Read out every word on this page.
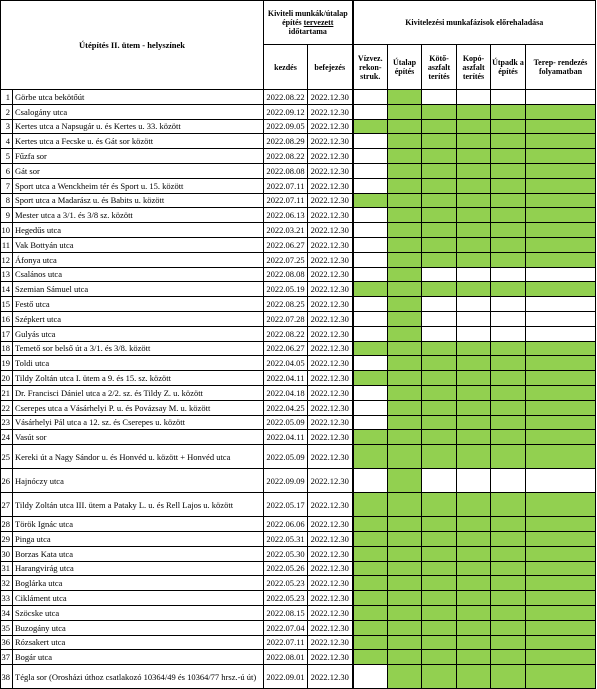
Útépítés II. ütem - helyszínek		Kiviteli munkák/útalap
építés tervezett
időtartama		Kivitelezési munkafázisok előrehaladása					
		kezdés	befejezés	Vízvez. rekon-struk.	Útalap építés	Kötő-aszfalt terítés	Kopó-aszfalt terítés	Útpadk a építés	Terep- rendezés folyamatban
1	Görbe utca bekötőút	2022.08.22	2022.12.30						
2	Csalogány utca	2022.09.12	2022.12.30						
3	Kertes utca a Napsugár u. és Kertes u. 33. között	2022.09.05	2022.12.30						
4	Kertes utca a Fecske u. és Gát sor között	2022.08.29	2022.12.30						
5	Fűzfa sor	2022.08.22	2022.12.30						
6	Gát sor	2022.08.08	2022.12.30						
7	Sport utca a Wenckheim tér és Sport u. 15. között	2022.07.11	2022.12.30						
8	Sport utca a Madarász u. és Babits u. között	2022.07.11	2022.12.30						
9	Mester utca a 3/1. és 3/8 sz. között	2022.06.13	2022.12.30						
10	Hegedűs utca	2022.03.21	2022.12.30						
11	Vak Bottyán utca	2022.06.27	2022.12.30						
12	Áfonya utca	2022.07.25	2022.12.30						
13	Csalános utca	2022.08.08	2022.12.30						
14	Szemian Sámuel utca	2022.05.19	2022.12.30						
15	Festő utca	2022.08.25	2022.12.30						
16	Szépkert utca	2022.07.28	2022.12.30						
17	Gulyás utca	2022.08.22	2022.12.30						
18	Temető sor belső út a 3/1. és 3/8. között	2022.06.27	2022.12.30						
19	Toldi utca	2022.04.05	2022.12.30						
20	Tildy Zoltán utca I. ütem a 9. és 15. sz. között	2022.04.11	2022.12.30						
21	Dr. Francisci Dániel utca a 2/2. sz. és Tildy Z. u. között	2022.04.18	2022.12.30						
22	Cserepes utca a Vásárhelyi P. u. és Povázsay M. u. között	2022.04.25	2022.12.30						
23	Vásárhelyi Pál utca a 12. sz. és Cserepes u. között	2022.05.09	2022.12.30						
24	Vasút sor	2022.04.11	2022.12.30						
25	Kereki út a Nagy Sándor u. és Honvéd u. között + Honvéd utca	2022.05.09	2022.12.30						
26	Hajnóczy utca	2022.09.09	2022.12.30						
27	Tildy Zoltán utca III. ütem a Pataky L. u. és Rell Lajos u. között	2022.05.17	2022.12.30						
28	Török Ignác utca	2022.06.06	2022.12.30						
29	Pinga utca	2022.05.31	2022.12.30						
30	Borzas Kata utca	2022.05.30	2022.12.30						
31	Harangvirág utca	2022.05.26	2022.12.30						
32	Boglárka utca	2022.05.23	2022.12.30						
33	Cikláment utca	2022.05.23	2022.12.30						
34	Szöcske utca	2022.08.15	2022.12.30						
35	Buzogány utca	2022.07.04	2022.12.30						
36	Rózsakert utca	2022.07.11	2022.12.30						
37	Bogár utca	2022.08.01	2022.12.30						
38	Tégla sor (Orosházi úthoz csatlakozó 10364/49 és 10364/77 hrsz.-ú út)	2022.09.01	2022.12.30						
